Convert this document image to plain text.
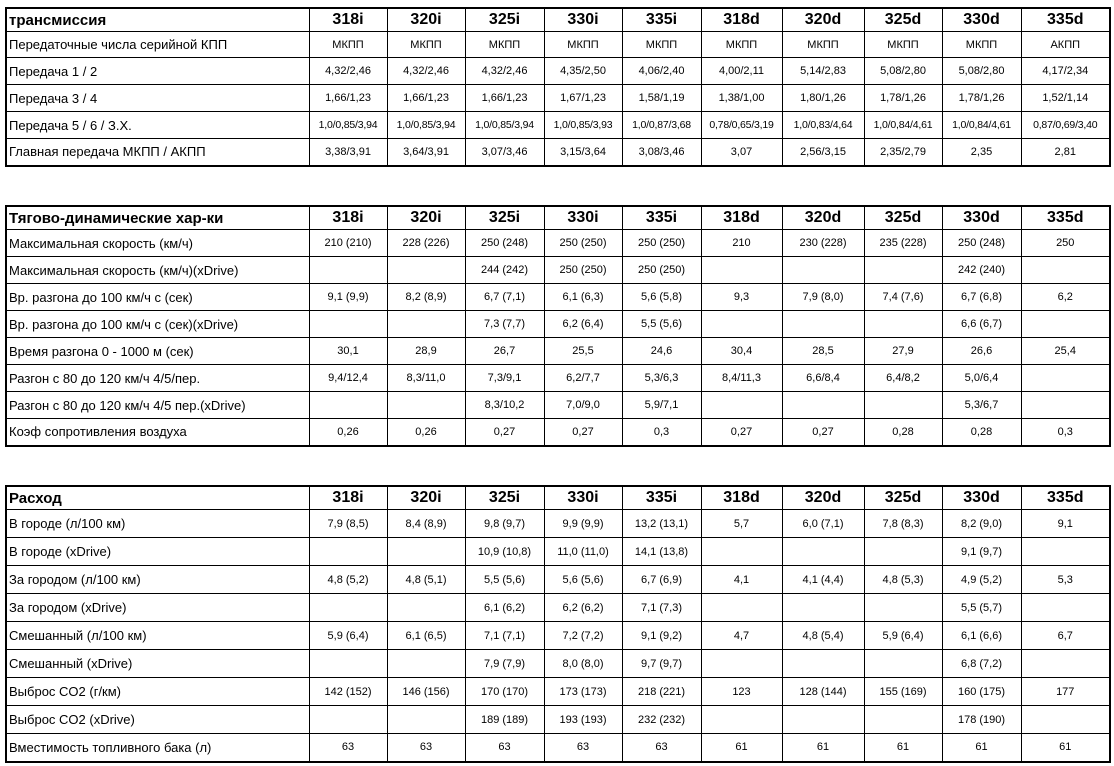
трансмиссия	318i	320i	325i	330i	335i	318d	320d	325d	330d	335d
Передаточные числа серийной КПП	МКПП	МКПП	МКПП	МКПП	МКПП	МКПП	МКПП	МКПП	МКПП	АКПП
Передача 1 / 2	4,32/2,46	4,32/2,46	4,32/2,46	4,35/2,50	4,06/2,40	4,00/2,11	5,14/2,83	5,08/2,80	5,08/2,80	4,17/2,34
Передача 3 / 4	1,66/1,23	1,66/1,23	1,66/1,23	1,67/1,23	1,58/1,19	1,38/1,00	1,80/1,26	1,78/1,26	1,78/1,26	1,52/1,14
Передача 5 / 6 / З.Х.	1,0/0,85/3,94	1,0/0,85/3,94	1,0/0,85/3,94	1,0/0,85/3,93	1,0/0,87/3,68	0,78/0,65/3,19	1,0/0,83/4,64	1,0/0,84/4,61	1,0/0,84/4,61	0,87/0,69/3,40
Главная передача МКПП / АКПП	3,38/3,91	3,64/3,91	3,07/3,46	3,15/3,64	3,08/3,46	3,07	2,56/3,15	2,35/2,79	2,35	2,81
Тягово-динамические хар-ки	318i	320i	325i	330i	335i	318d	320d	325d	330d	335d
Максимальная скорость (км/ч)	210 (210)	228 (226)	250 (248)	250 (250)	250 (250)	210	230 (228)	235 (228)	250 (248)	250
Максимальная скорость (км/ч)(xDrive)			244 (242)	250 (250)	250 (250)				242 (240)	
Вр. разгона до 100 км/ч с (сек)	9,1 (9,9)	8,2 (8,9)	6,7 (7,1)	6,1 (6,3)	5,6 (5,8)	9,3	7,9 (8,0)	7,4 (7,6)	6,7 (6,8)	6,2
Вр. разгона до 100 км/ч с (сек)(xDrive)			7,3 (7,7)	6,2 (6,4)	5,5 (5,6)				6,6 (6,7)	
Время разгона 0 - 1000 м (сек)	30,1	28,9	26,7	25,5	24,6	30,4	28,5	27,9	26,6	25,4
Разгон с 80 до 120 км/ч 4/5/пер.	9,4/12,4	8,3/11,0	7,3/9,1	6,2/7,7	5,3/6,3	8,4/11,3	6,6/8,4	6,4/8,2	5,0/6,4	
Разгон с 80 до 120 км/ч 4/5 пер.(xDrive)			8,3/10,2	7,0/9,0	5,9/7,1				5,3/6,7	
Коэф сопротивления воздуха	0,26	0,26	0,27	0,27	0,3	0,27	0,27	0,28	0,28	0,3
Расход	318i	320i	325i	330i	335i	318d	320d	325d	330d	335d
В городе (л/100 км)	7,9 (8,5)	8,4 (8,9)	9,8 (9,7)	9,9 (9,9)	13,2 (13,1)	5,7	6,0 (7,1)	7,8 (8,3)	8,2 (9,0)	9,1
В городе (xDrive)			10,9 (10,8)	11,0 (11,0)	14,1 (13,8)				9,1 (9,7)	
За городом (л/100 км)	4,8 (5,2)	4,8 (5,1)	5,5 (5,6)	5,6 (5,6)	6,7 (6,9)	4,1	4,1 (4,4)	4,8 (5,3)	4,9 (5,2)	5,3
За городом (xDrive)			6,1 (6,2)	6,2 (6,2)	7,1 (7,3)				5,5 (5,7)	
Смешанный (л/100 км)	5,9 (6,4)	6,1 (6,5)	7,1 (7,1)	7,2 (7,2)	9,1 (9,2)	4,7	4,8 (5,4)	5,9 (6,4)	6,1 (6,6)	6,7
Смешанный (xDrive)			7,9 (7,9)	8,0 (8,0)	9,7 (9,7)				6,8 (7,2)	
Выброс CO2 (г/км)	142 (152)	146 (156)	170 (170)	173 (173)	218 (221)	123	128 (144)	155 (169)	160 (175)	177
Выброс CO2 (xDrive)			189 (189)	193 (193)	232 (232)				178 (190)	
Вместимость топливного бака (л)	63	63	63	63	63	61	61	61	61	61
